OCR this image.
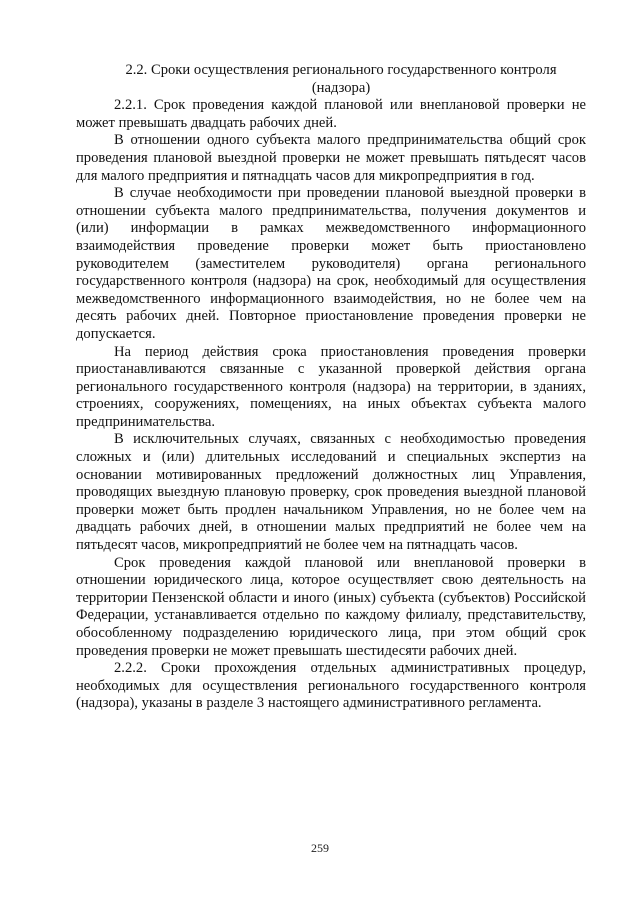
2.2. Сроки осуществления регионального государственного контроля

(надзора)

2.2.1. Срок проведения каждой плановой или внеплановой проверки не может превышать двадцать рабочих дней.

В отношении одного субъекта малого предпринимательства общий срок проведения плановой выездной проверки не может превышать пятьдесят часов для малого предприятия и пятнадцать часов для микропредприятия в год.

В случае необходимости при проведении плановой выездной проверки в отношении субъекта малого предпринимательства, получения документов и (или) информации в рамках межведомственного информационного взаимодействия проведение проверки может быть приостановлено руководителем (заместителем руководителя) органа регионального государственного контроля (надзора) на срок, необходимый для осуществления межведомственного информационного взаимодействия, но не более чем на десять рабочих дней. Повторное приостановление проведения проверки не допускается.

На период действия срока приостановления проведения проверки приостанавливаются связанные с указанной проверкой действия органа регионального государственного контроля (надзора) на территории, в зданиях, строениях, сооружениях, помещениях, на иных объектах субъекта малого предпринимательства.

В исключительных случаях, связанных с необходимостью проведения сложных и (или) длительных исследований и специальных экспертиз на основании мотивированных предложений должностных лиц Управления, проводящих выездную плановую проверку, срок проведения выездной плановой проверки может быть продлен начальником Управления, но не более чем на двадцать рабочих дней, в отношении малых предприятий не более чем на пятьдесят часов, микропредприятий не более чем на пятнадцать часов.

Срок проведения каждой плановой или внеплановой проверки в отношении юридического лица, которое осуществляет свою деятельность на территории Пензенской области и иного (иных) субъекта (субъектов) Российской Федерации, устанавливается отдельно по каждому филиалу, представительству, обособленному подразделению юридического лица, при этом общий срок проведения проверки не может превышать шестидесяти рабочих дней.

2.2.2. Сроки прохождения отдельных административных процедур, необходимых для осуществления регионального государственного контроля (надзора), указаны в разделе 3 настоящего административного регламента.

259
